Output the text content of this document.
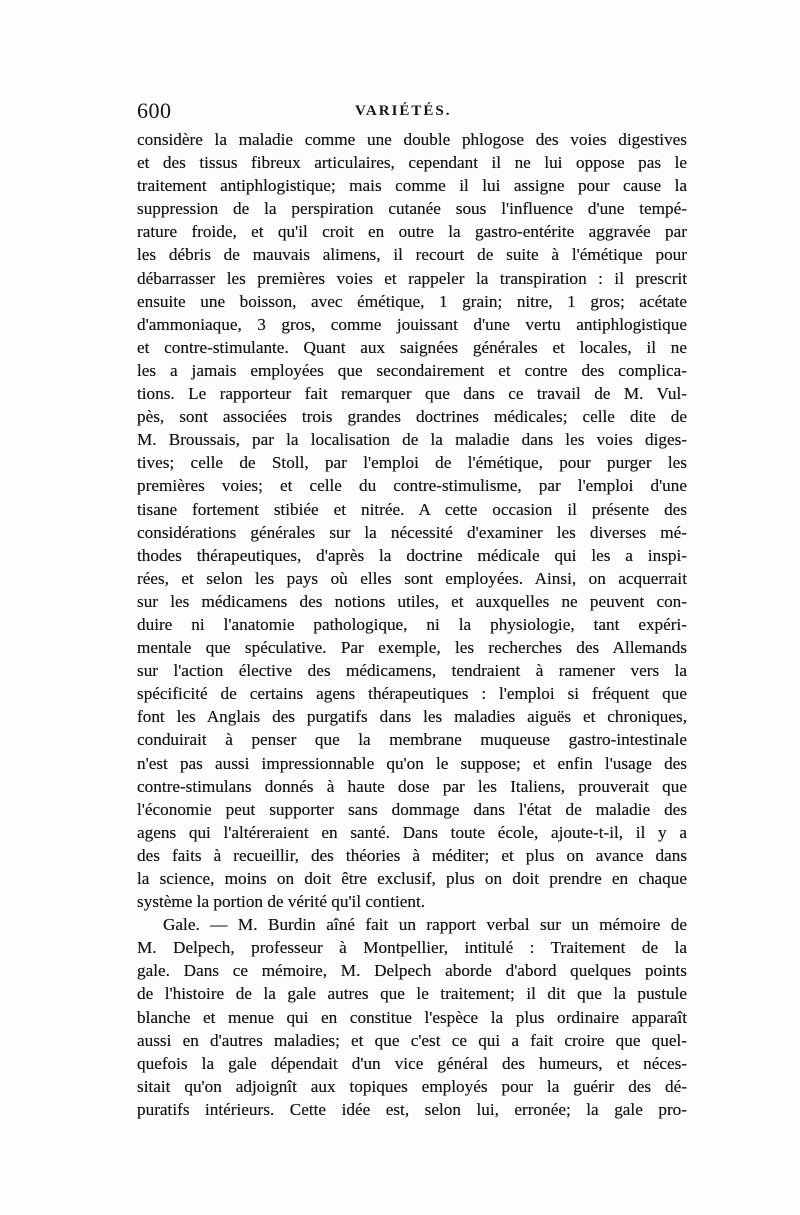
600	VARIÉTÉS.
considère la maladie comme une double phlogose des voies digestives
et des tissus fibreux articulaires, cependant il ne lui oppose pas le
traitement antiphlogistique; mais comme il lui assigne pour cause la
suppression de la perspiration cutanée sous l'influence d'une tempé-
rature froide, et qu'il croit en outre la gastro-entérite aggravée par
les débris de mauvais alimens, il recourt de suite à l'émétique pour
débarrasser les premières voies et rappeler la transpiration : il prescrit
ensuite une boisson, avec émétique, 1 grain; nitre, 1 gros; acétate
d'ammoniaque, 3 gros, comme jouissant d'une vertu antiphlogistique
et contre-stimulante. Quant aux saignées générales et locales, il ne
les a jamais employées que secondairement et contre des complica-
tions. Le rapporteur fait remarquer que dans ce travail de M. Vul-
pès, sont associées trois grandes doctrines médicales; celle dite de
M. Broussais, par la localisation de la maladie dans les voies diges-
tives; celle de Stoll, par l'emploi de l'émétique, pour purger les
premières voies; et celle du contre-stimulisme, par l'emploi d'une
tisane fortement stibiée et nitrée. A cette occasion il présente des
considérations générales sur la nécessité d'examiner les diverses mé-
thodes thérapeutiques, d'après la doctrine médicale qui les a inspi-
rées, et selon les pays où elles sont employées. Ainsi, on acquerrait
sur les médicamens des notions utiles, et auxquelles ne peuvent con-
duire ni l'anatomie pathologique, ni la physiologie, tant expéri-
mentale que spéculative. Par exemple, les recherches des Allemands
sur l'action élective des médicamens, tendraient à ramener vers la
spécificité de certains agens thérapeutiques : l'emploi si fréquent que
font les Anglais des purgatifs dans les maladies aiguës et chroniques,
conduirait à penser que la membrane muqueuse gastro-intestinale
n'est pas aussi impressionnable qu'on le suppose; et enfin l'usage des
contre-stimulans donnés à haute dose par les Italiens, prouverait que
l'économie peut supporter sans dommage dans l'état de maladie des
agens qui l'altéreraient en santé. Dans toute école, ajoute-t-il, il y a
des faits à recueillir, des théories à méditer; et plus on avance dans
la science, moins on doit être exclusif, plus on doit prendre en chaque
système la portion de vérité qu'il contient.
Gale. — M. Burdin aîné fait un rapport verbal sur un mémoire de
M. Delpech, professeur à Montpellier, intitulé : Traitement de la
gale. Dans ce mémoire, M. Delpech aborde d'abord quelques points
de l'histoire de la gale autres que le traitement; il dit que la pustule
blanche et menue qui en constitue l'espèce la plus ordinaire apparaît
aussi en d'autres maladies; et que c'est ce qui a fait croire que quel-
quefois la gale dépendait d'un vice général des humeurs, et néces-
sitait qu'on adjoignît aux topiques employés pour la guérir des dé-
puratifs intérieurs. Cette idée est, selon lui, erronée; la gale pro-
